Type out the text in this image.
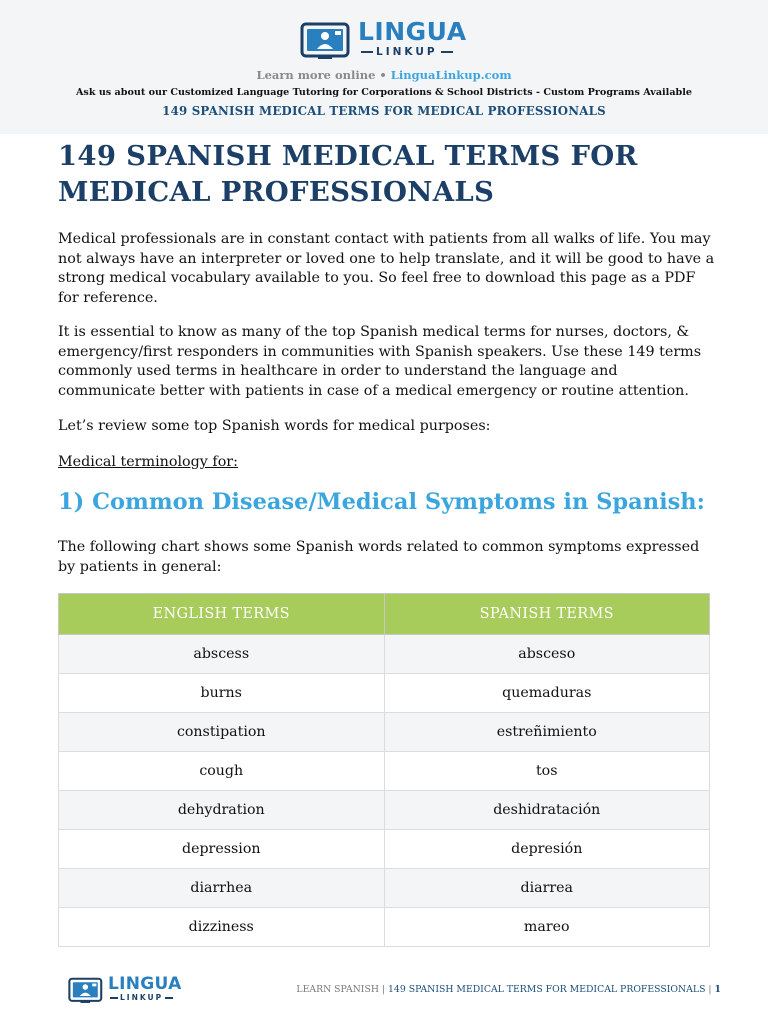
LINGUA
LINKUP
Learn more online • LinguaLinkup.com
Ask us about our Customized Language Tutoring for Corporations & School Districts - Custom Programs Available
149 SPANISH MEDICAL TERMS FOR MEDICAL PROFESSIONALS
149 SPANISH MEDICAL TERMS FOR
MEDICAL PROFESSIONALS

Medical professionals are in constant contact with patients from all walks of life. You may not always have an interpreter or loved one to help translate, and it will be good to have a strong medical vocabulary available to you. So feel free to download this page as a PDF for reference.

It is essential to know as many of the top Spanish medical terms for nurses, doctors, & emergency/first responders in communities with Spanish speakers. Use these 149 terms commonly used terms in healthcare in order to understand the language and communicate better with patients in case of a medical emergency or routine attention.

Let’s review some top Spanish words for medical purposes:

Medical terminology for:

1) Common Disease/Medical Symptoms in Spanish:

The following chart shows some Spanish words related to common symptoms expressed by patients in general:

ENGLISH TERMS	SPANISH TERMS
abscess	absceso
burns	quemaduras
constipation	estreñimiento
cough	tos
dehydration	deshidratación
depression	depresión
diarrhea	diarrea
dizziness	mareo
LINGUA
LINKUP
LEARN SPANISH | 149 SPANISH MEDICAL TERMS FOR MEDICAL PROFESSIONALS | 1
